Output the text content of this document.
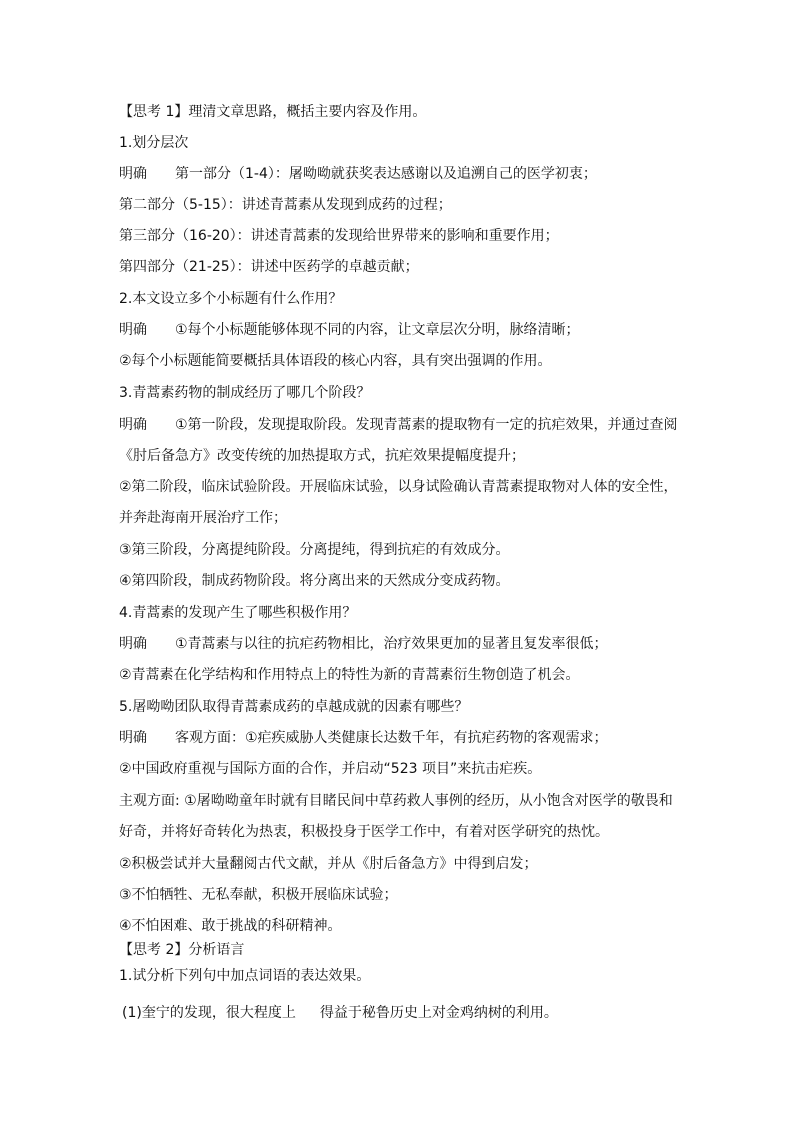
【思考 1】理清文章思路，概括主要内容及作用。
1.划分层次
明确 第一部分（1-4）：屠呦呦就获奖表达感谢以及追溯自己的医学初衷；
第二部分（5-15）：讲述青蒿素从发现到成药的过程；
第三部分（16-20）：讲述青蒿素的发现给世界带来的影响和重要作用；
第四部分（21-25）：讲述中医药学的卓越贡献；
2.本文设立多个小标题有什么作用？
明确 ①每个小标题能够体现不同的内容，让文章层次分明，脉络清晰；
②每个小标题能简要概括具体语段的核心内容，具有突出强调的作用。
3.青蒿素药物的制成经历了哪几个阶段？
明确 ①第一阶段，发现提取阶段。发现青蒿素的提取物有一定的抗疟效果，并通过查阅
《肘后备急方》改变传统的加热提取方式，抗疟效果提幅度提升；
②第二阶段，临床试验阶段。开展临床试验，以身试险确认青蒿素提取物对人体的安全性，
并奔赴海南开展治疗工作；
③第三阶段，分离提纯阶段。分离提纯，得到抗疟的有效成分。
④第四阶段，制成药物阶段。将分离出来的天然成分变成药物。
4.青蒿素的发现产生了哪些积极作用？
明确 ①青蒿素与以往的抗疟药物相比，治疗效果更加的显著且复发率很低；
②青蒿素在化学结构和作用特点上的特性为新的青蒿素衍生物创造了机会。
5.屠呦呦团队取得青蒿素成药的卓越成就的因素有哪些？
明确 客观方面：①疟疾威胁人类健康长达数千年，有抗疟药物的客观需求；
②中国政府重视与国际方面的合作，并启动“523 项目”来抗击疟疾。
主观方面: ①屠呦呦童年时就有目睹民间中草药救人事例的经历，从小饱含对医学的敬畏和
好奇，并将好奇转化为热衷，积极投身于医学工作中，有着对医学研究的热忱。
②积极尝试并大量翻阅古代文献，并从《肘后备急方》中得到启发；
③不怕牺牲、无私奉献，积极开展临床试验；
④不怕困难、敢于挑战的科研精神。
【思考 2】分析语言
1.试分析下列句中加点词语的表达效果。
(1)奎宁的发现，很大程度上 得益于秘鲁历史上对金鸡纳树的利用。
